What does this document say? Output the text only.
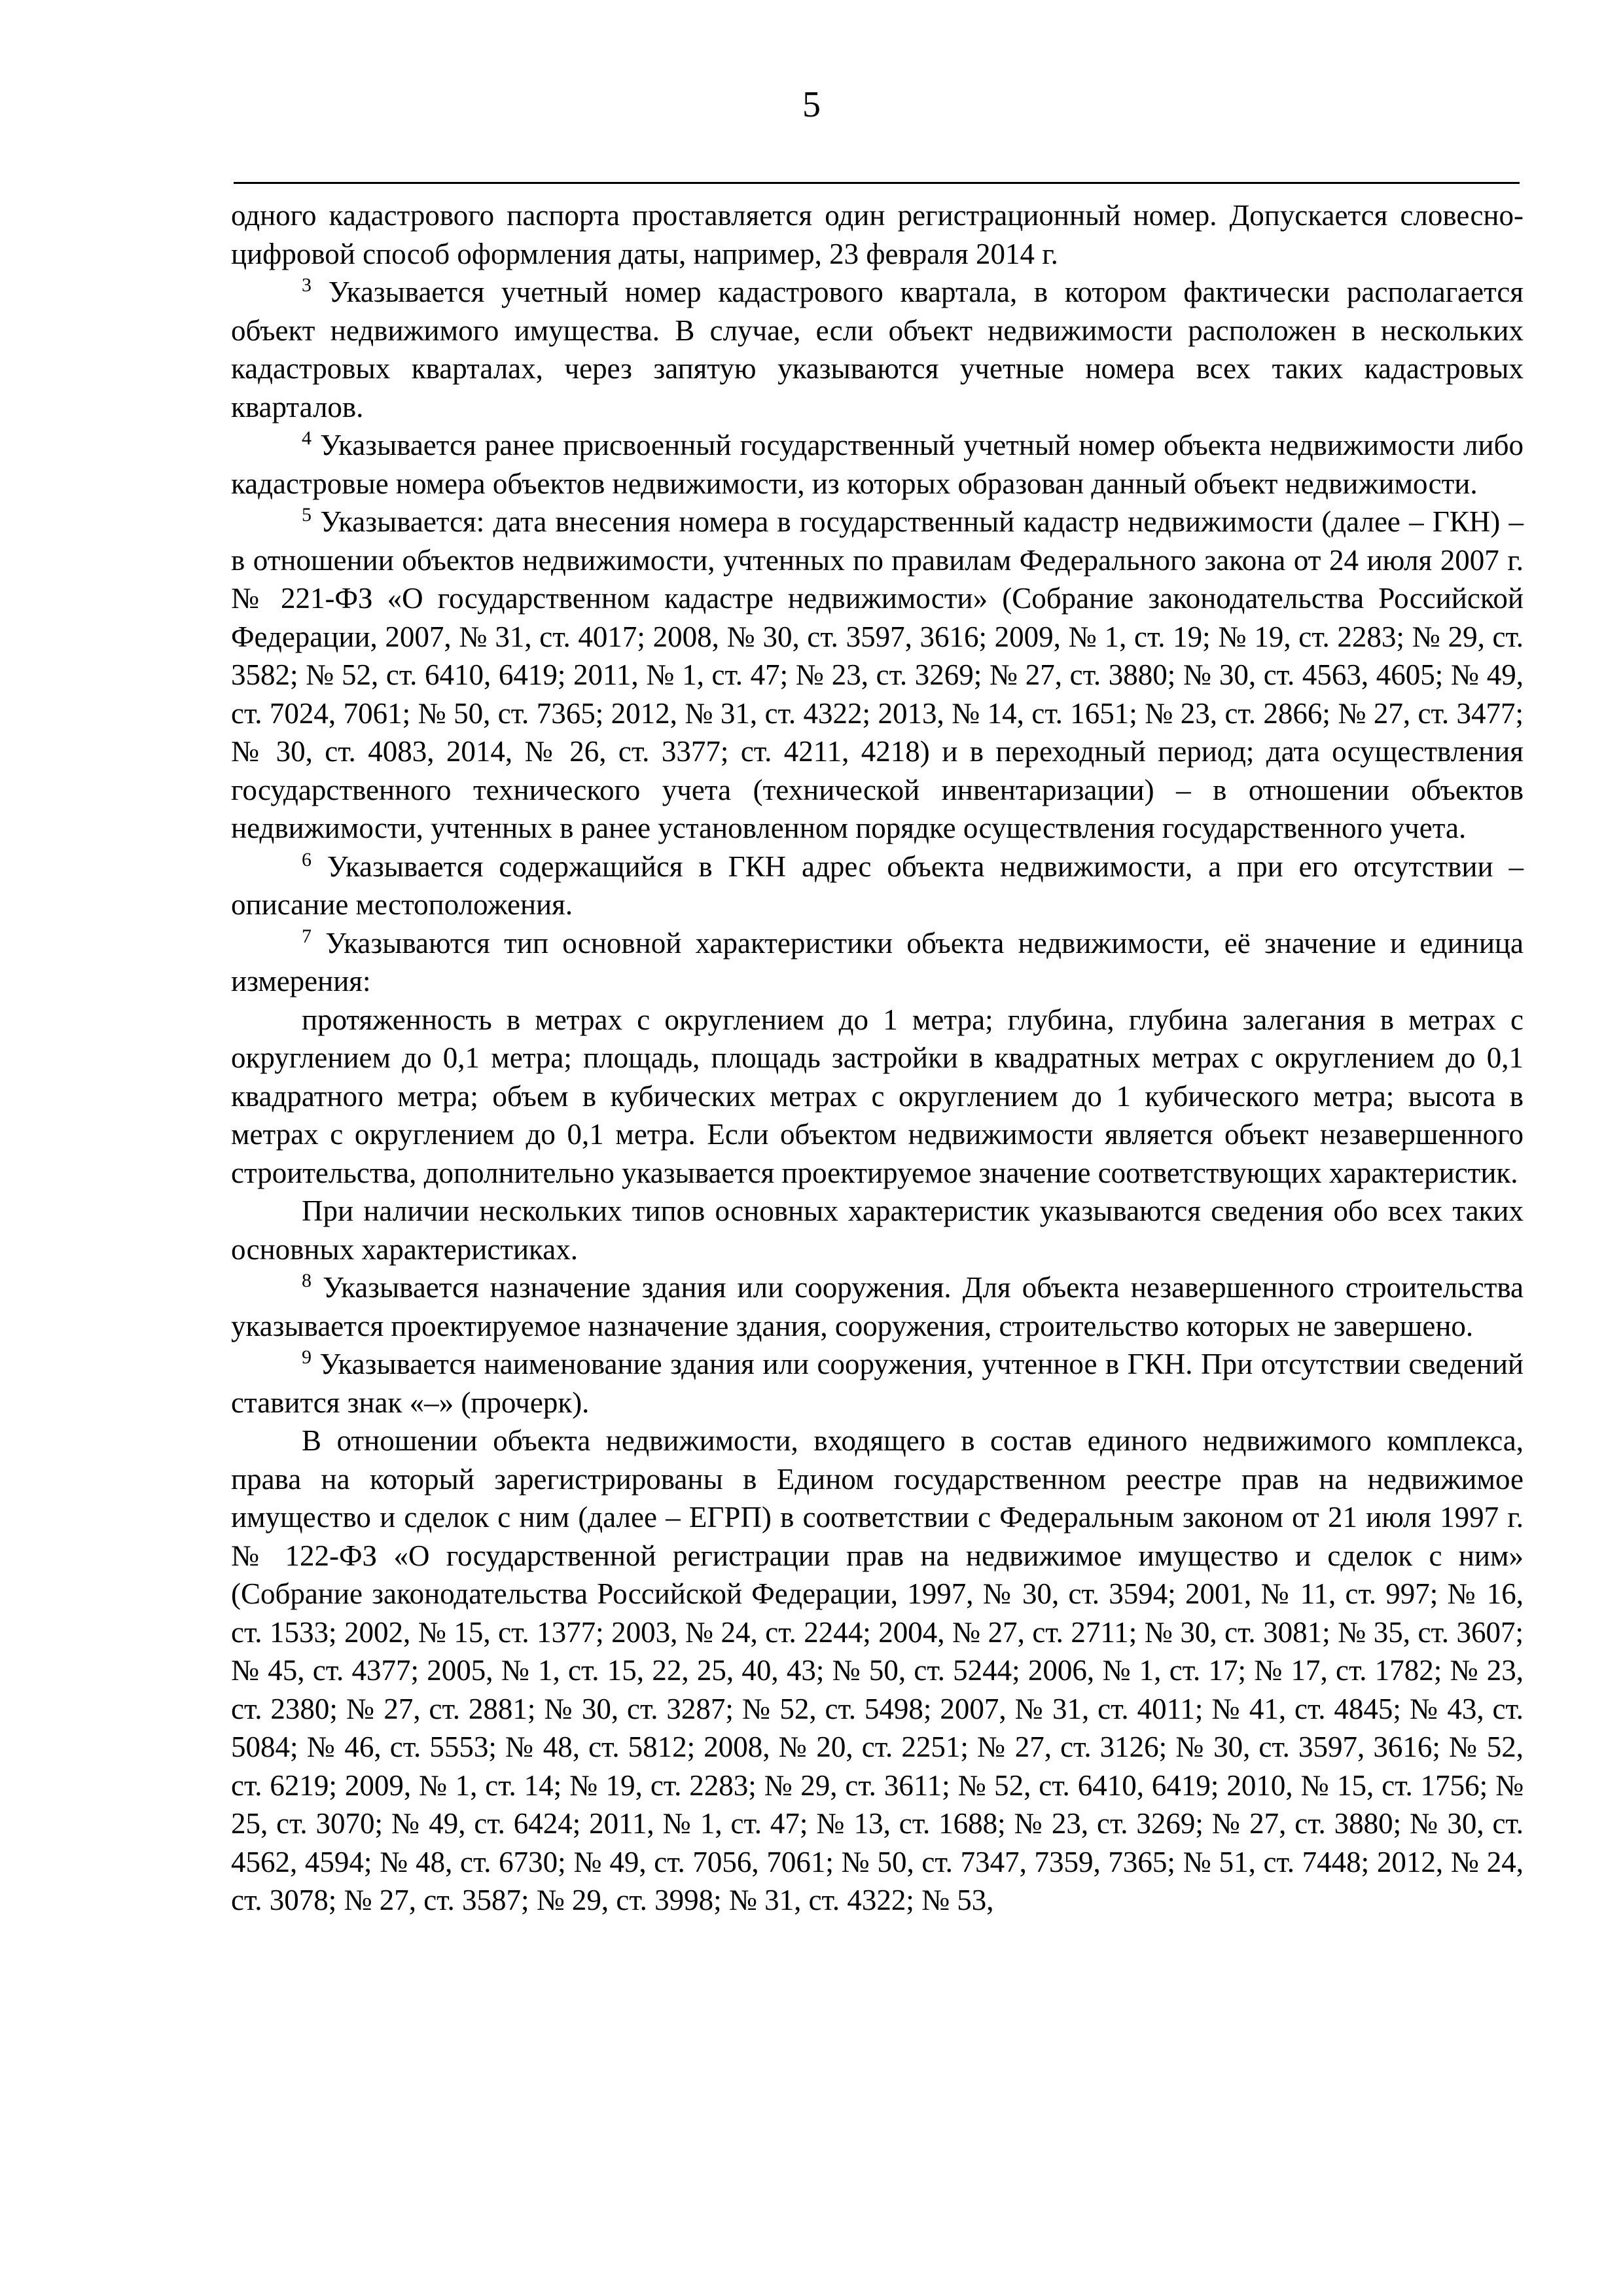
5

одного кадастрового паспорта проставляется один регистрационный номер. Допускается словесно-цифровой способ оформления даты, например, 23 февраля 2014 г.

$^3$ Указывается учетный номер кадастрового квартала, в котором фактически располагается объект недвижимого имущества. В случае, если объект недвижимости расположен в нескольких кадастровых кварталах, через запятую указываются учетные номера всех таких кадастровых кварталов.

$^4$ Указывается ранее присвоенный государственный учетный номер объекта недвижимости либо кадастровые номера объектов недвижимости, из которых образован данный объект недвижимости.

$^5$ Указывается: дата внесения номера в государственный кадастр недвижимости (далее – ГКН) – в отношении объектов недвижимости, учтенных по правилам Федерального закона от 24 июля 2007 г. № 221-ФЗ «О государственном кадастре недвижимости» (Собрание законодательства Российской Федерации, 2007, № 31, ст. 4017; 2008, № 30, ст. 3597, 3616; 2009, № 1, ст. 19; № 19, ст. 2283; № 29, ст. 3582; № 52, ст. 6410, 6419; 2011, № 1, ст. 47; № 23, ст. 3269; № 27, ст. 3880; № 30, ст. 4563, 4605; № 49, ст. 7024, 7061; № 50, ст. 7365; 2012, № 31, ст. 4322; 2013, № 14, ст. 1651; № 23, ст. 2866; № 27, ст. 3477; № 30, ст. 4083, 2014, № 26, ст. 3377; ст. 4211, 4218) и в переходный период; дата осуществления государственного технического учета (технической инвентаризации) – в отношении объектов недвижимости, учтенных в ранее установленном порядке осуществления государственного учета.

$^6$ Указывается содержащийся в ГКН адрес объекта недвижимости, а при его отсутствии – описание местоположения.

$^7$ Указываются тип основной характеристики объекта недвижимости, её значение и единица измерения:

протяженность в метрах с округлением до 1 метра; глубина, глубина залегания в метрах с округлением до 0,1 метра; площадь, площадь застройки в квадратных метрах с округлением до 0,1 квадратного метра; объем в кубических метрах с округлением до 1 кубического метра; высота в метрах с округлением до 0,1 метра. Если объектом недвижимости является объект незавершенного строительства, дополнительно указывается проектируемое значение соответствующих характеристик.

При наличии нескольких типов основных характеристик указываются сведения обо всех таких основных характеристиках.

$^8$ Указывается назначение здания или сооружения. Для объекта незавершенного строительства указывается проектируемое назначение здания, сооружения, строительство которых не завершено.

$^9$ Указывается наименование здания или сооружения, учтенное в ГКН. При отсутствии сведений ставится знак «–» (прочерк).

В отношении объекта недвижимости, входящего в состав единого недвижимого комплекса, права на который зарегистрированы в Едином государственном реестре прав на недвижимое имущество и сделок с ним (далее – ЕГРП) в соответствии с Федеральным законом от 21 июля 1997 г. № 122-ФЗ «О государственной регистрации прав на недвижимое имущество и сделок с ним» (Собрание законодательства Российской Федерации, 1997, № 30, ст. 3594; 2001, № 11, ст. 997; № 16, ст. 1533; 2002, № 15, ст. 1377; 2003, № 24, ст. 2244; 2004, № 27, ст. 2711; № 30, ст. 3081; № 35, ст. 3607; № 45, ст. 4377; 2005, № 1, ст. 15, 22, 25, 40, 43; № 50, ст. 5244; 2006, № 1, ст. 17; № 17, ст. 1782; № 23, ст. 2380; № 27, ст. 2881; № 30, ст. 3287; № 52, ст. 5498; 2007, № 31, ст. 4011; № 41, ст. 4845; № 43, ст. 5084; № 46, ст. 5553; № 48, ст. 5812; 2008, № 20, ст. 2251; № 27, ст. 3126; № 30, ст. 3597, 3616; № 52, ст. 6219; 2009, № 1, ст. 14; № 19, ст. 2283; № 29, ст. 3611; № 52, ст. 6410, 6419; 2010, № 15, ст. 1756; № 25, ст. 3070; № 49, ст. 6424; 2011, № 1, ст. 47; № 13, ст. 1688; № 23, ст. 3269; № 27, ст. 3880; № 30, ст. 4562, 4594; № 48, ст. 6730; № 49, ст. 7056, 7061; № 50, ст. 7347, 7359, 7365; № 51, ст. 7448; 2012, № 24, ст. 3078; № 27, ст. 3587; № 29, ст. 3998; № 31, ст. 4322; № 53,
